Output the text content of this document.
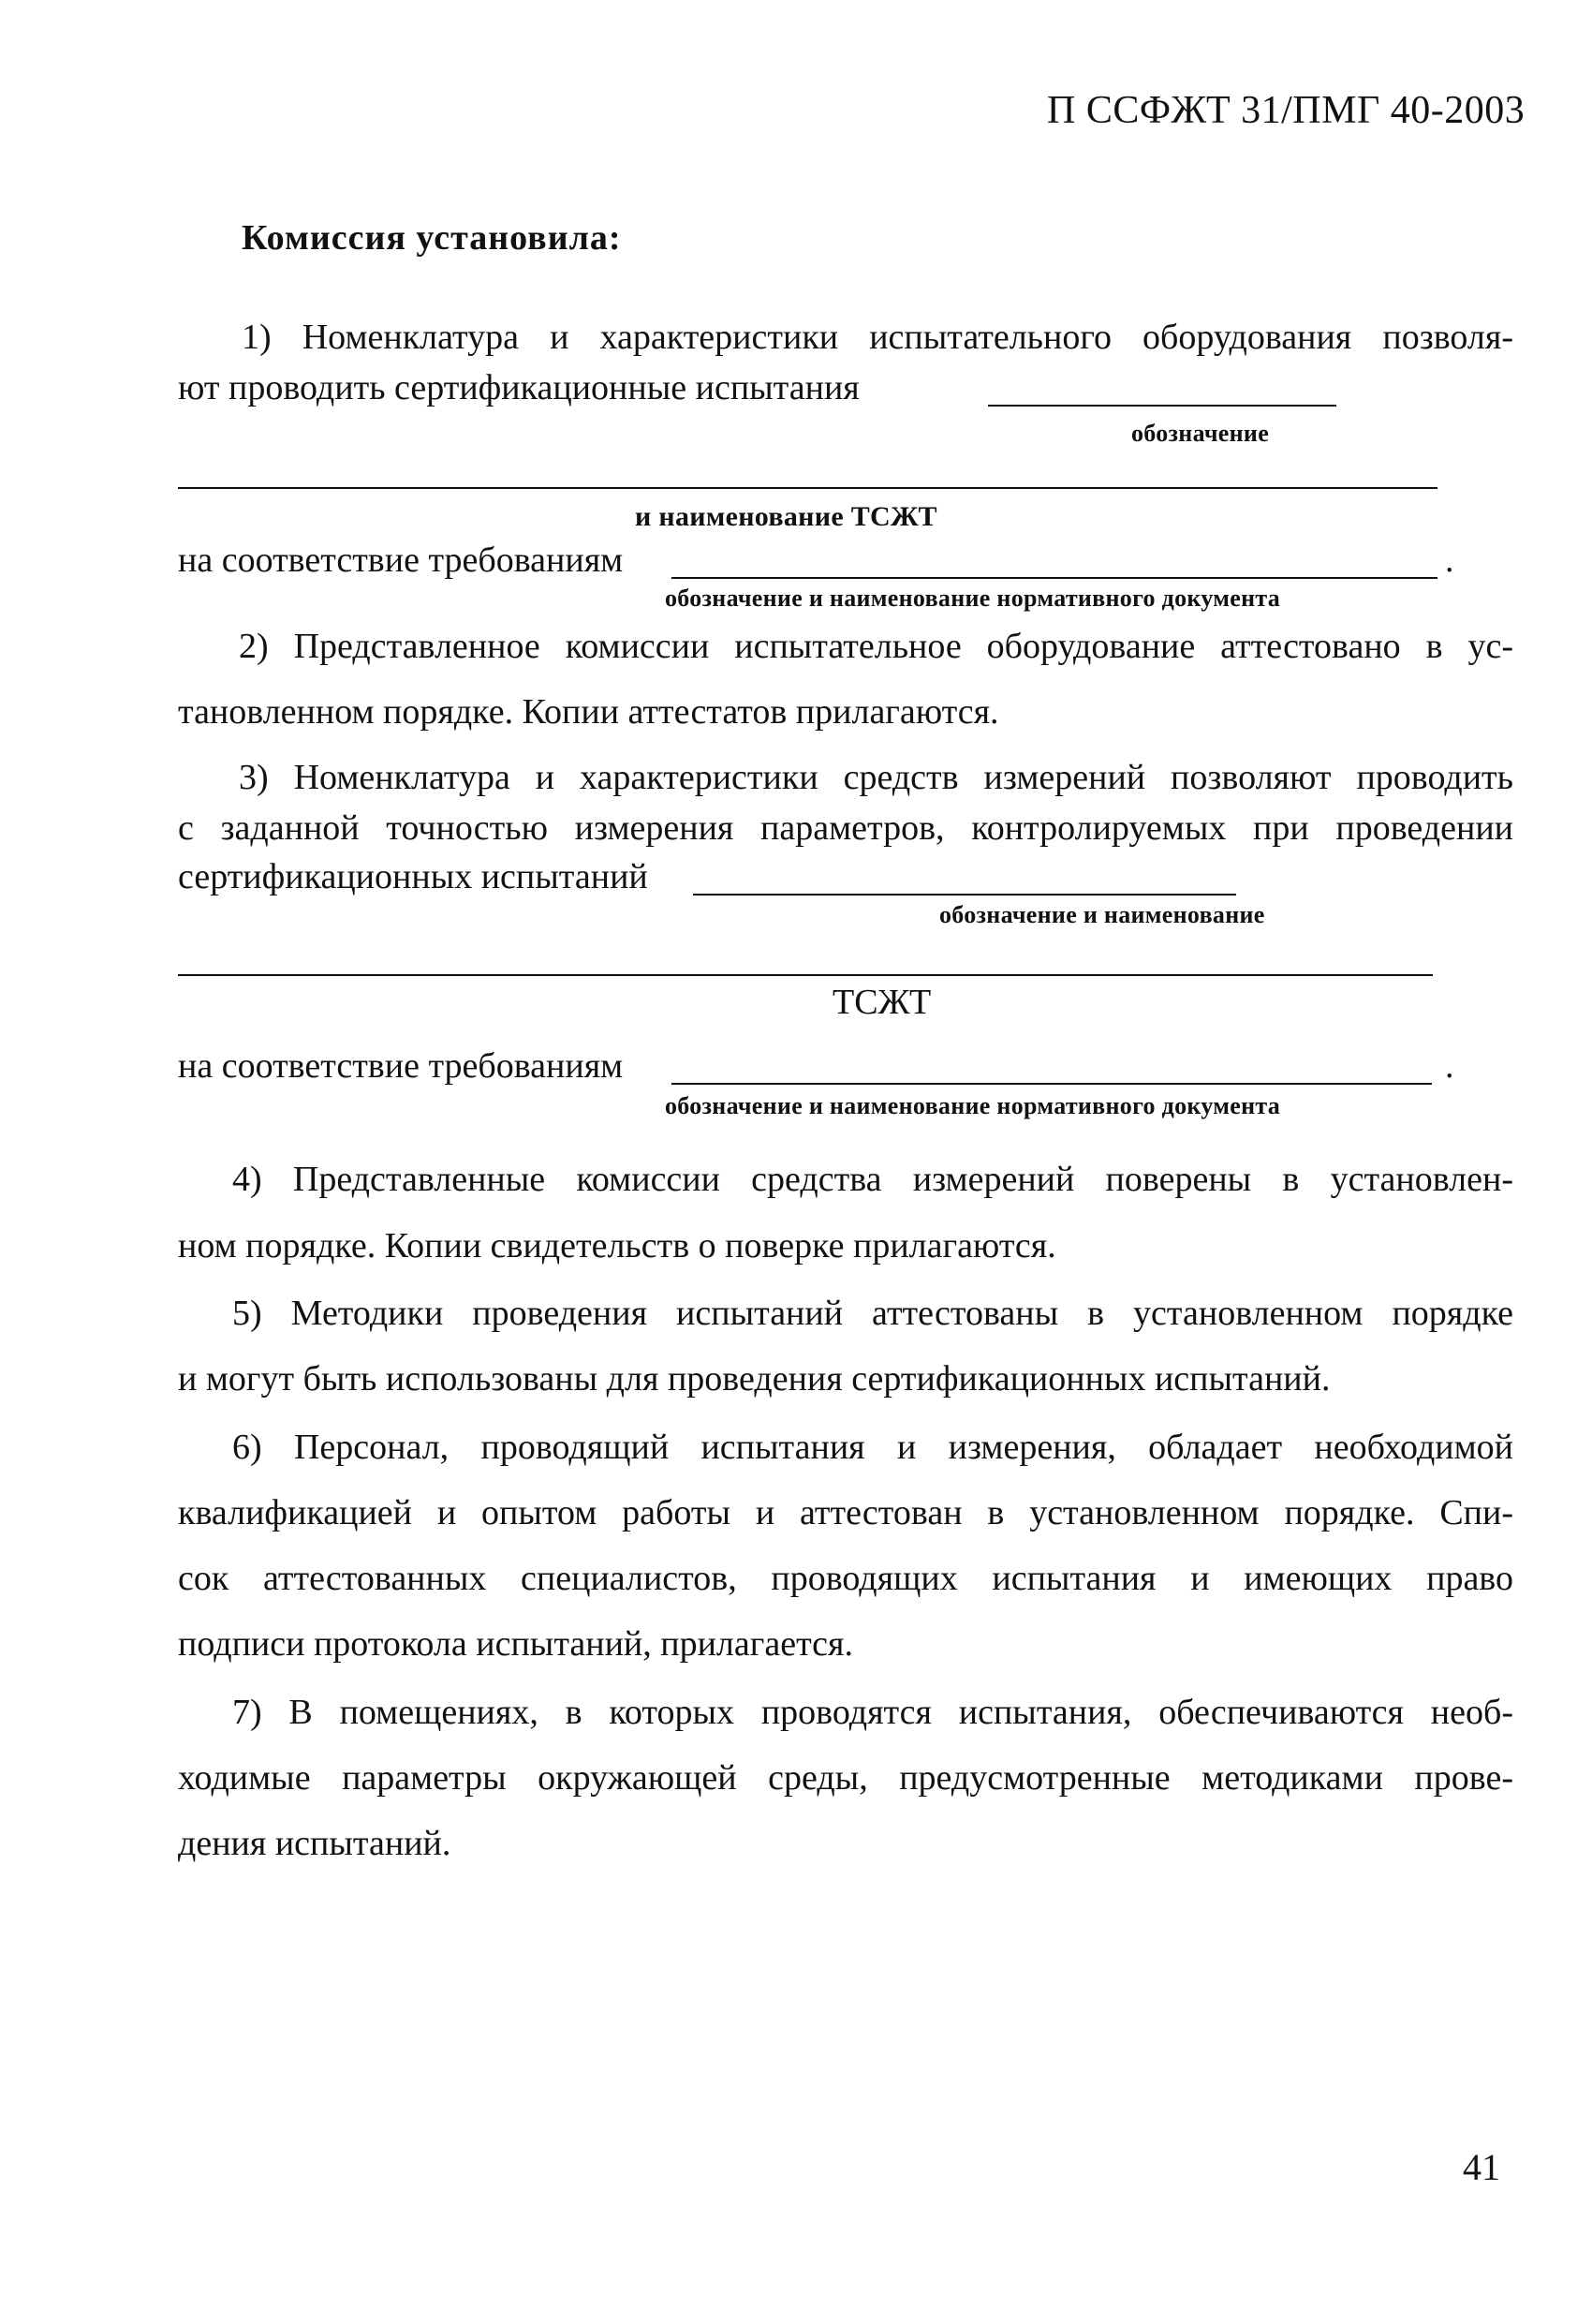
П ССФЖТ 31/ПМГ 40-2003
Комиссия установила:
1) Номенклатура и характеристики испытательного оборудования позволя-
ют проводить сертификационные испытания
обозначение
и наименование ТСЖТ
на соответствие требованиям	.
обозначение и наименование нормативного документа
2) Представленное комиссии испытательное оборудование аттестовано в ус-
тановленном порядке. Копии аттестатов прилагаются.
3) Номенклатура и характеристики средств измерений позволяют проводить
с заданной точностью измерения параметров, контролируемых при проведении
сертификационных испытаний
обозначение и наименование
ТСЖТ
на соответствие требованиям	.
обозначение и наименование нормативного документа
4) Представленные комиссии средства измерений поверены в установлен-
ном порядке. Копии свидетельств о поверке прилагаются.
5) Методики проведения испытаний аттестованы в установленном порядке
и могут быть использованы для проведения сертификационных испытаний.
6) Персонал, проводящий испытания и измерения, обладает необходимой
квалификацией и опытом работы и аттестован в установленном порядке. Спи-
сок аттестованных специалистов, проводящих испытания и имеющих право
подписи протокола испытаний, прилагается.
7) В помещениях, в которых проводятся испытания, обеспечиваются необ-
ходимые параметры окружающей среды, предусмотренные методиками прове-
дения испытаний.
41
